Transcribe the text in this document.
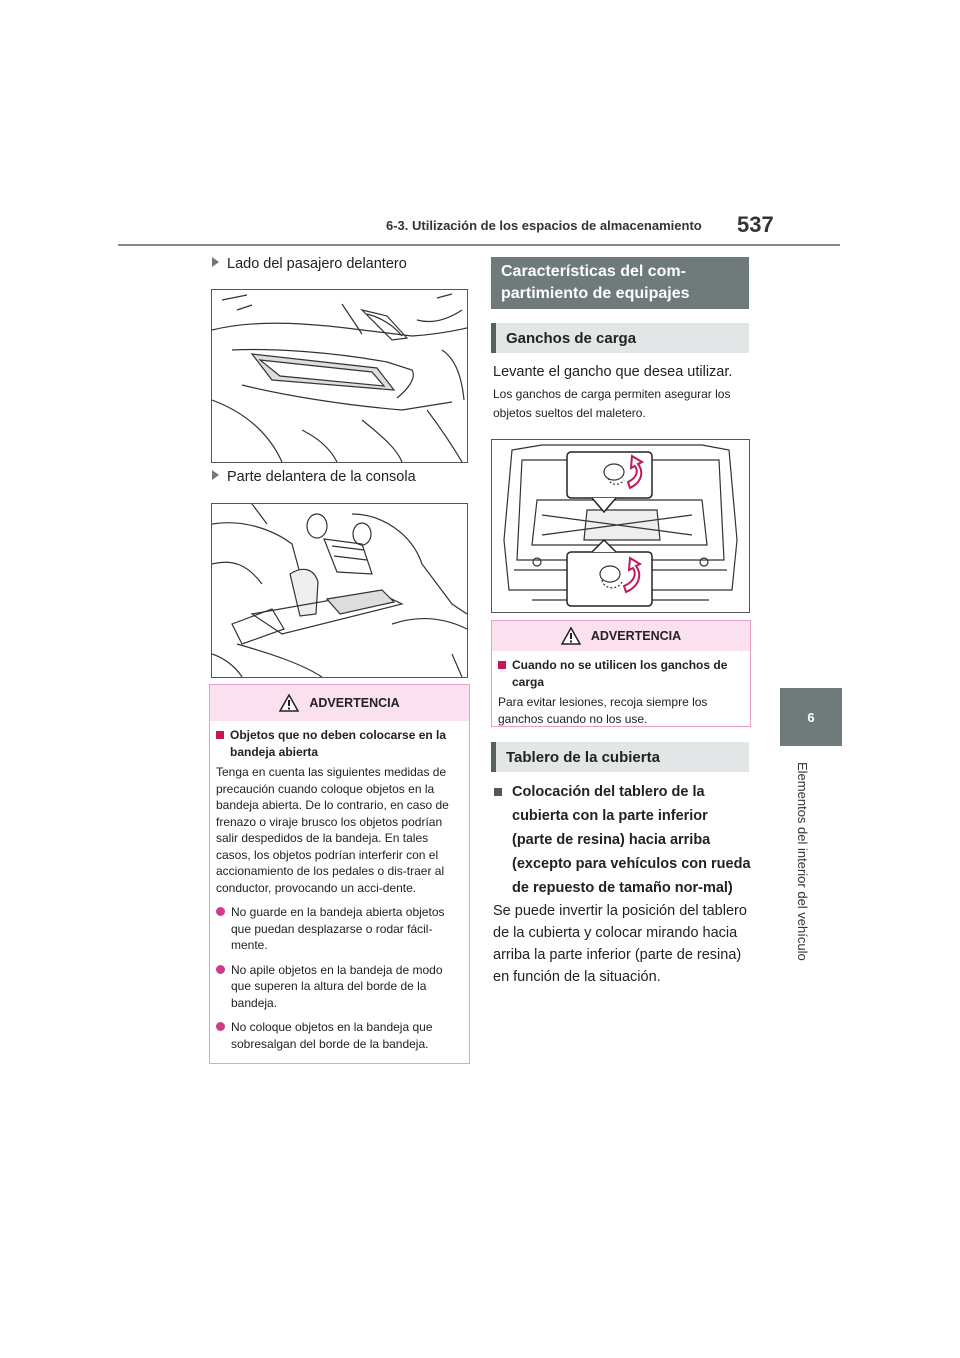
6-3. Utilización de los espacios de almacenamiento 537
6
Elementos del interior del vehículo
Lado del pasajero delantero
Parte delantera de la consola
ADVERTENCIA
Objetos que no deben colocarse en la bandeja abierta
Tenga en cuenta las siguientes medidas de precaución cuando coloque objetos en la bandeja abierta. De lo contrario, en caso de frenazo o viraje brusco los objetos podrían salir despedidos de la bandeja. En tales casos, los objetos podrían interferir con el accionamiento de los pedales o dis-traer al conductor, provocando un acci-dente.
No guarde en la bandeja abierta objetos que puedan desplazarse o rodar fácil-mente.
No apile objetos en la bandeja de modo que superen la altura del borde de la bandeja.
No coloque objetos en la bandeja que sobresalgan del borde de la bandeja.
Características del com-partimiento de equipajes
Ganchos de carga
Levante el gancho que desea utilizar.
Los ganchos de carga permiten asegurar los objetos sueltos del maletero.
ADVERTENCIA
Cuando no se utilicen los ganchos de carga
Para evitar lesiones, recoja siempre los ganchos cuando no los use.
Tablero de la cubierta
Colocación del tablero de la cubierta con la parte inferior (parte de resina) hacia arriba (excepto para vehículos con rueda de repuesto de tamaño nor-mal)
Se puede invertir la posición del tablero de la cubierta y colocar mirando hacia arriba la parte inferior (parte de resina) en función de la situación.
